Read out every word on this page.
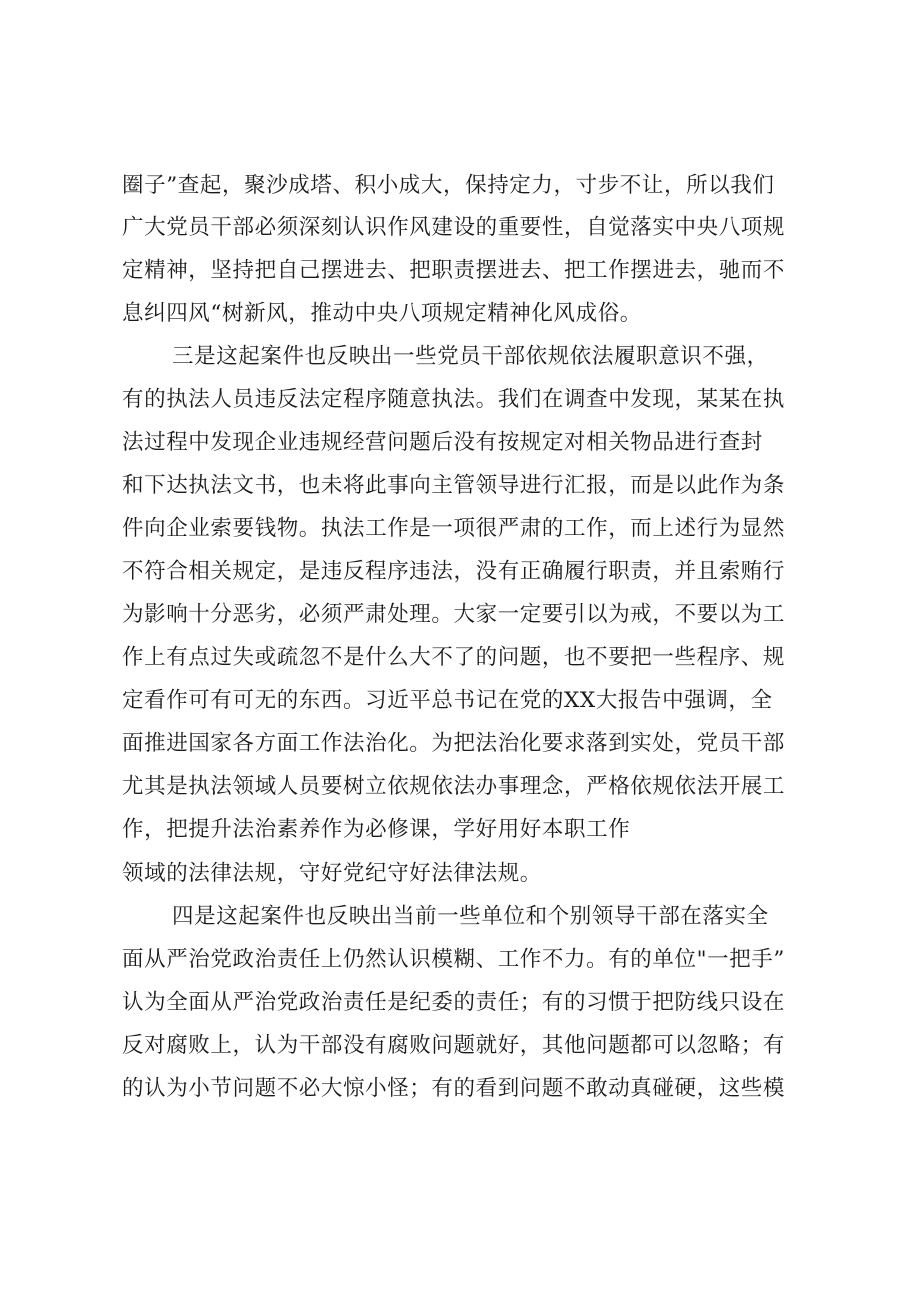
圈子”查起，聚沙成塔、积小成大，保持定力，寸步不让，所以我们
广大党员干部必须深刻认识作风建设的重要性，自觉落实中央八项规
定精神，坚持把自己摆进去、把职责摆进去、把工作摆进去，驰而不
息纠四风“树新风，推动中央八项规定精神化风成俗。
三是这起案件也反映出一些党员干部依规依法履职意识不强，
有的执法人员违反法定程序随意执法。我们在调查中发现，某某在执
法过程中发现企业违规经营问题后没有按规定对相关物品进行查封
和下达执法文书，也未将此事向主管领导进行汇报，而是以此作为条
件向企业索要钱物。执法工作是一项很严肃的工作，而上述行为显然
不符合相关规定，是违反程序违法，没有正确履行职责，并且索贿行
为影响十分恶劣，必须严肃处理。大家一定要引以为戒，不要以为工
作上有点过失或疏忽不是什么大不了的问题，也不要把一些程序、规
定看作可有可无的东西。习近平总书记在党的XX大报告中强调，全
面推进国家各方面工作法治化。为把法治化要求落到实处，党员干部
尤其是执法领域人员要树立依规依法办事理念，严格依规依法开展工
作，把提升法治素养作为必修课，学好用好本职工作
领域的法律法规，守好党纪守好法律法规。
四是这起案件也反映出当前一些单位和个别领导干部在落实全
面从严治党政治责任上仍然认识模糊、工作不力。有的单位"一把手”
认为全面从严治党政治责任是纪委的责任；有的习惯于把防线只设在
反对腐败上，认为干部没有腐败问题就好，其他问题都可以忽略；有
的认为小节问题不必大惊小怪；有的看到问题不敢动真碰硬，这些模
